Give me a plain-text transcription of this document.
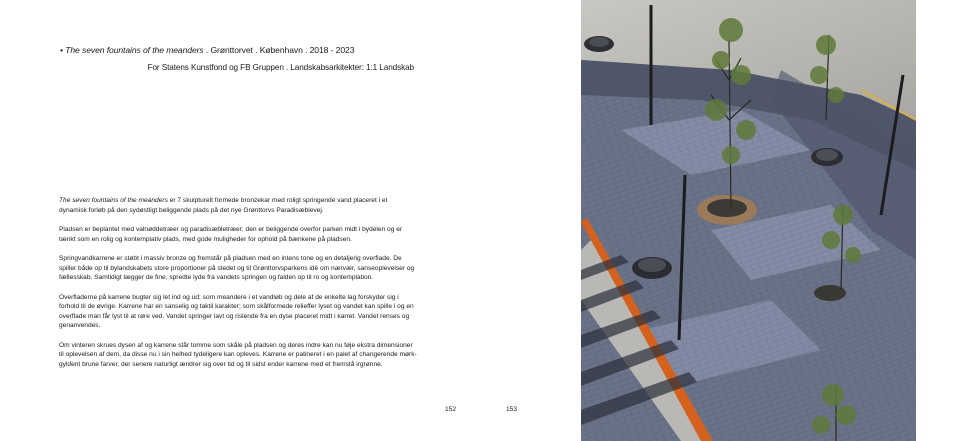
• The seven fountains of the meanders . Grønttorvet . København . 2018 - 2023
For Statens Kunstfond og FB Gruppen . Landskabsarkitekter: 1:1 Landskab

The seven fountains of the meanders er 7 skulpturelt formede bronzekar med roligt springende vand placeret i et dynamisk forløb på den sydøstligt beliggende plads på det nye Grønttorvs Paradisæblevej.

Pladsen er beplantet med valnøddetræer og paradisæbletræer; den er beliggende overfor parken midt i bydelen og er tænkt som en rolig og kontemplativ plads, med gode muligheder for ophold på bænkene på pladsen.

Springvandkarrene er støbt i massiv bronze og fremstår på pladsen med en intens tone og en detaljerig overflade. De spiller både op til bylandskabets store proportioner på stedet og til Grønttorvsparkens idé om nærvær, sanseoplevelser og fællesskab. Samtidigt lægger de fine, spredte lyde fra vandets springen og falden op til ro og kontemplation.

Overfladerne på karrene bugter sig let ind og ud; som meandere i et vandløb og dele af de enkelte lag forskyder sig i forhold til de øvrige. Karrene har en sanselig og taktil karakter; som skålformede relieffer lyset og vandet kan spille i og en overflade man får lyst til at røre ved. Vandet springer lavt og rislende fra en dyse placeret midt i karret. Vandet renses og genanvendes.

Om vinteren skrues dysen af og karrene står tomme som skåle på pladsen og deres indre kan nu føje ekstra dimensioner til oplevelsen af dem, da disse nu i sin helhed tydeligere kan opleves. Karrene er patineret i en palet af changerende mørk-gyldent brune farver, der senere naturligt ændrer sig over tid og til sidst ender karrene med et fremstå irgrønne.

152	153
